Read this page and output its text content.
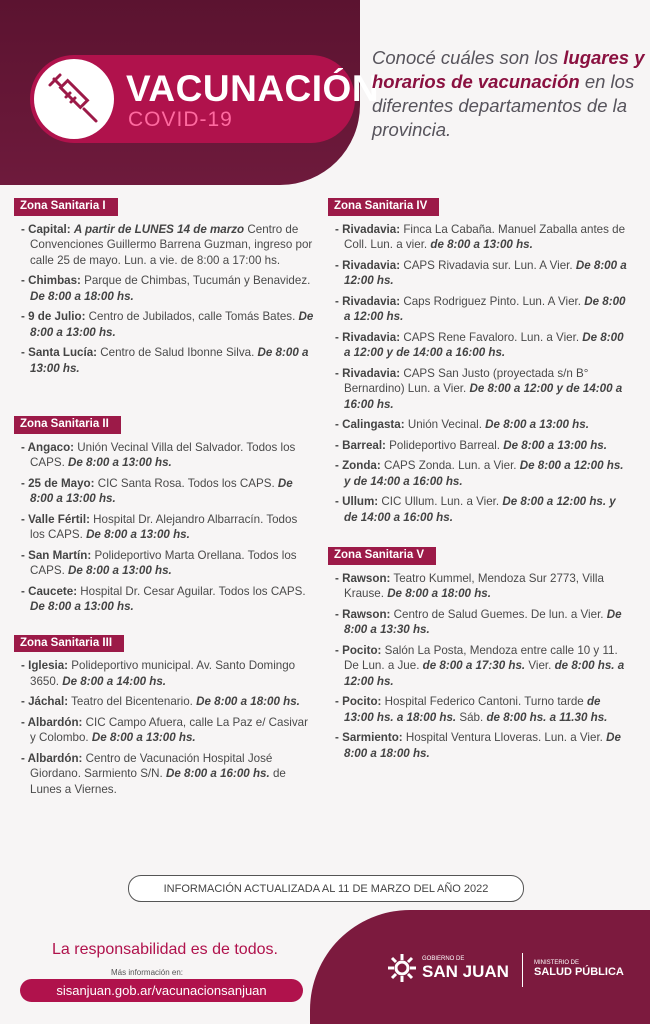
VACUNACIÓN
COVID-19
Conocé cuáles son los lugares y horarios de vacunación en los diferentes departamentos de la provincia.
Zona Sanitaria I
- Capital: A partir de LUNES 14 de marzo Centro de Convenciones Guillermo Barrena Guzman, ingreso por calle 25 de mayo. Lun. a vie. de 8:00 a 17:00 hs.
- Chimbas: Parque de Chimbas, Tucumán y Benavidez. De 8:00 a 18:00 hs.
- 9 de Julio: Centro de Jubilados, calle Tomás Bates. De 8:00 a 13:00 hs.
- Santa Lucía: Centro de Salud Ibonne Silva. De 8:00 a 13:00 hs.
Zona Sanitaria II
- Angaco: Unión Vecinal Villa del Salvador. Todos los CAPS. De 8:00 a 13:00 hs.
- 25 de Mayo: CIC Santa Rosa. Todos los CAPS. De 8:00 a 13:00 hs.
- Valle Fértil: Hospital Dr. Alejandro Albarracín. Todos los CAPS. De 8:00 a 13:00 hs.
- San Martín: Polideportivo Marta Orellana. Todos los CAPS. De 8:00 a 13:00 hs.
- Caucete: Hospital Dr. Cesar Aguilar. Todos los CAPS. De 8:00 a 13:00 hs.
Zona Sanitaria III
- Iglesia: Polideportivo municipal. Av. Santo Domingo 3650. De 8:00 a 14:00 hs.
- Jáchal: Teatro del Bicentenario. De 8:00 a 18:00 hs.
- Albardón: CIC Campo Afuera, calle La Paz e/ Casivar y Colombo. De 8:00 a 13:00 hs.
- Albardón: Centro de Vacunación Hospital José Giordano. Sarmiento S/N. De 8:00 a 16:00 hs. de Lunes a Viernes.
Zona Sanitaria IV
- Rivadavia: Finca La Cabaña. Manuel Zaballa antes de Coll. Lun. a vier. de 8:00 a 13:00 hs.
- Rivadavia: CAPS Rivadavia sur. Lun. A Vier. De 8:00 a 12:00 hs.
- Rivadavia: Caps Rodriguez Pinto. Lun. A Vier. De 8:00 a 12:00 hs.
- Rivadavia: CAPS Rene Favaloro. Lun. a Vier. De 8:00 a 12:00 y de 14:00 a 16:00 hs.
- Rivadavia: CAPS San Justo (proyectada s/n B° Bernardino) Lun. a Vier. De 8:00 a 12:00 y de 14:00 a 16:00 hs.
- Calingasta: Unión Vecinal. De 8:00 a 13:00 hs.
- Barreal: Polideportivo Barreal. De 8:00 a 13:00 hs.
- Zonda: CAPS Zonda. Lun. a Vier. De 8:00 a 12:00 hs. y de 14:00 a 16:00 hs.
- Ullum: CIC Ullum. Lun. a Vier. De 8:00 a 12:00 hs. y de 14:00 a 16:00 hs.
Zona Sanitaria V
- Rawson: Teatro Kummel, Mendoza Sur 2773, Villa Krause. De 8:00 a 18:00 hs.
- Rawson: Centro de Salud Guemes. De lun. a Vier. De 8:00 a 13:30 hs.
- Pocito: Salón La Posta, Mendoza entre calle 10 y 11. De Lun. a Jue. de 8:00 a 17:30 hs. Vier. de 8:00 hs. a 12:00 hs.
- Pocito: Hospital Federico Cantoni. Turno tarde de 13:00 hs. a 18:00 hs. Sáb. de 8:00 hs. a 11.30 hs.
- Sarmiento: Hospital Ventura Lloveras. Lun. a Vier. De 8:00 a 18:00 hs.
INFORMACIÓN ACTUALIZADA AL 11 DE MARZO DEL AÑO 2022
La responsabilidad es de todos.
Más información en:
sisanjuan.gob.ar/vacunacionsanjuan
GOBIERNO DE
SAN JUAN	MINISTERIO DE
SALUD PÚBLICA
